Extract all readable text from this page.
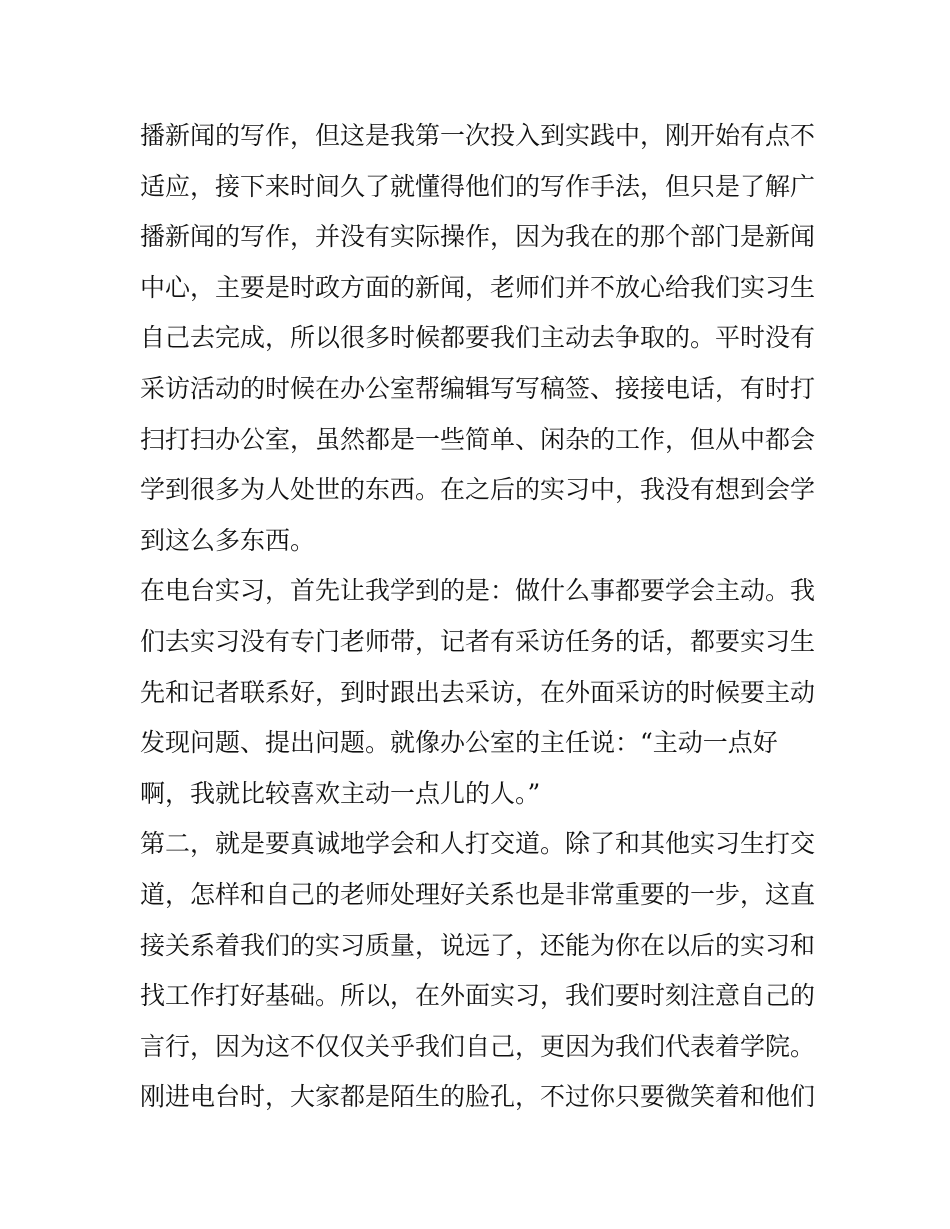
播新闻的写作，但这是我第一次投入到实践中，刚开始有点不
适应，接下来时间久了就懂得他们的写作手法，但只是了解广
播新闻的写作，并没有实际操作，因为我在的那个部门是新闻
中心，主要是时政方面的新闻，老师们并不放心给我们实习生
自己去完成，所以很多时候都要我们主动去争取的。平时没有
采访活动的时候在办公室帮编辑写写稿签、接接电话，有时打
扫打扫办公室，虽然都是一些简单、闲杂的工作，但从中都会
学到很多为人处世的东西。在之后的实习中，我没有想到会学
到这么多东西。
在电台实习，首先让我学到的是：做什么事都要学会主动。我
们去实习没有专门老师带，记者有采访任务的话，都要实习生
先和记者联系好，到时跟出去采访，在外面采访的时候要主动
发现问题、提出问题。就像办公室的主任说：“主动一点好
啊，我就比较喜欢主动一点儿的人。”
第二，就是要真诚地学会和人打交道。除了和其他实习生打交
道，怎样和自己的老师处理好关系也是非常重要的一步，这直
接关系着我们的实习质量，说远了，还能为你在以后的实习和
找工作打好基础。所以，在外面实习，我们要时刻注意自己的
言行，因为这不仅仅关乎我们自己，更因为我们代表着学院。
刚进电台时，大家都是陌生的脸孔，不过你只要微笑着和他们
